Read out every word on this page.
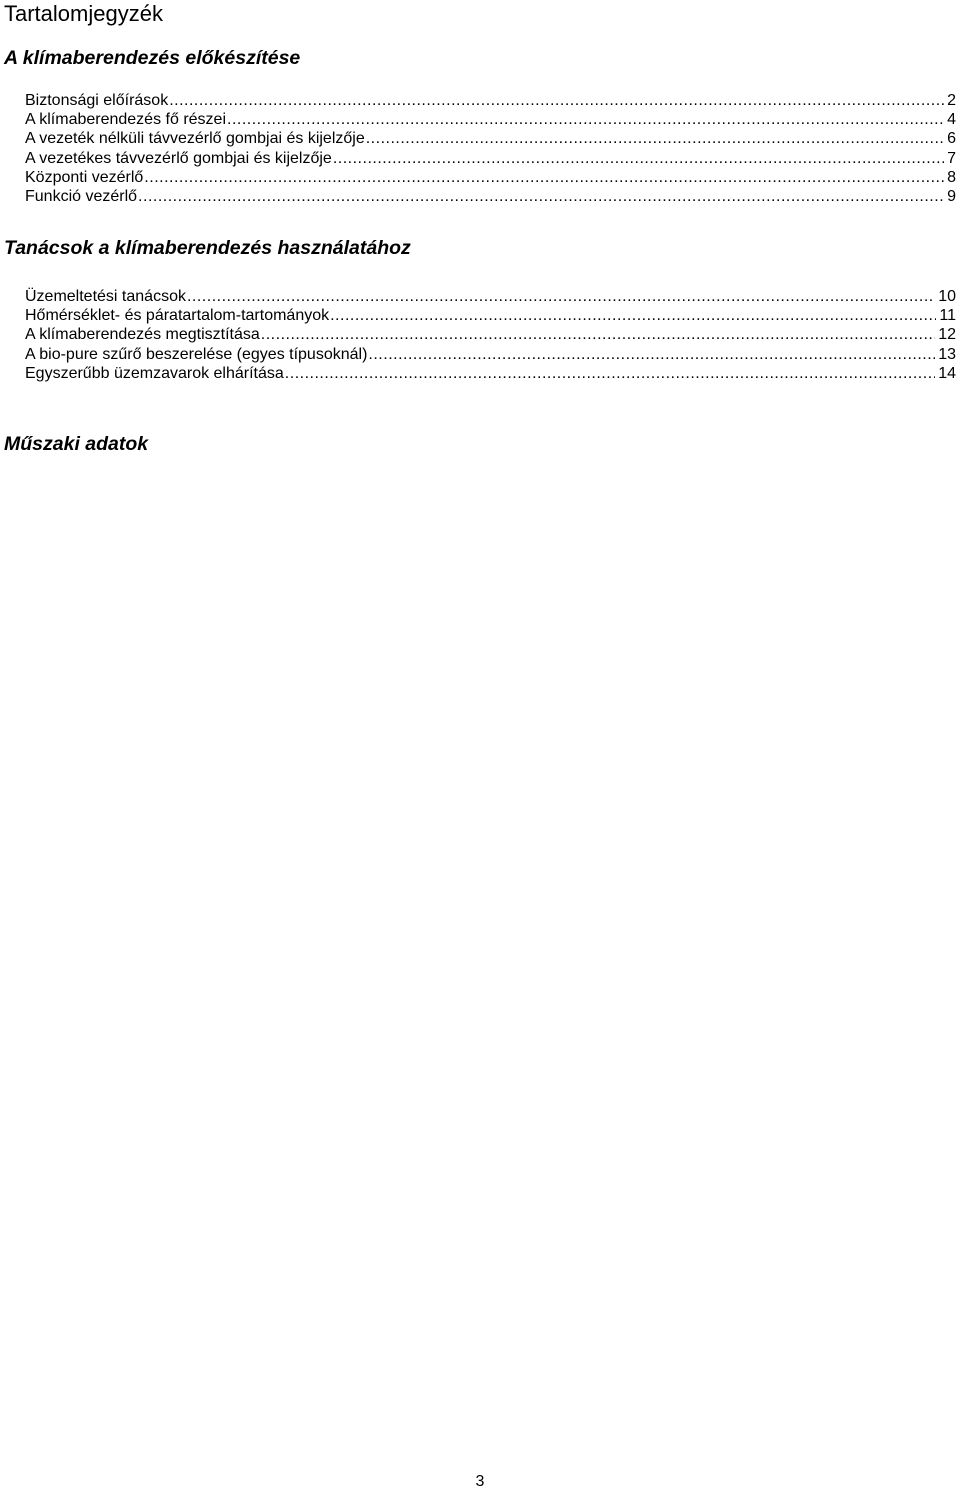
Tartalomjegyzék
A klímaberendezés előkészítése
Biztonsági előírások .....	2
A klímaberendezés fő részei .....	4
A vezeték nélküli távvezérlő gombjai és kijelzője .....	6
A vezetékes távvezérlő gombjai és kijelzője .....	7
Központi vezérlő .....	8
Funkció vezérlő .....	9
Tanácsok a klímaberendezés használatához
Üzemeltetési tanácsok .....	10
Hőmérséklet- és páratartalom-tartományok .....	11
A klímaberendezés megtisztítása .....	12
A bio-pure szűrő beszerelése (egyes típusoknál) .....	13
Egyszerűbb üzemzavarok elhárítása .....	14
Műszaki adatok

3
